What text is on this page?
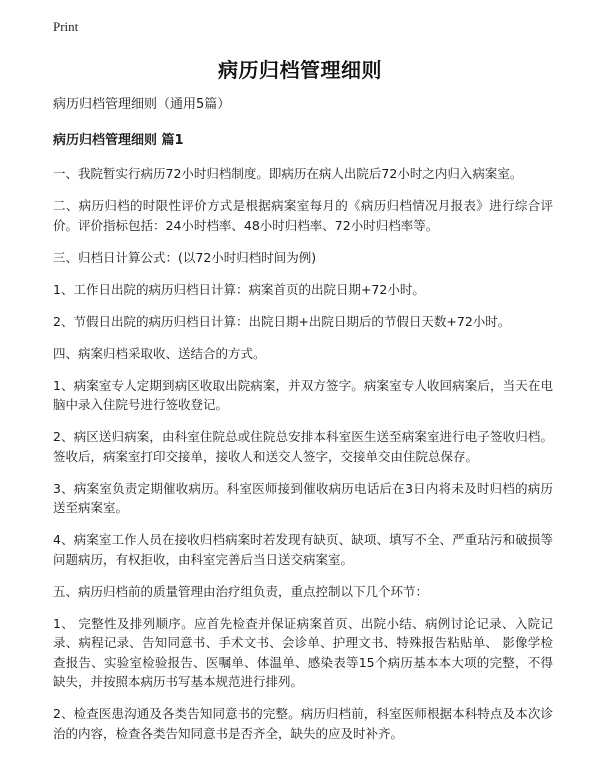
Print
病历归档管理细则
病历归档管理细则（通用5篇）
病历归档管理细则 篇1

一、我院暂实行病历72小时归档制度。即病历在病人出院后72小时之内归入病案室。

二、病历归档的时限性评价方式是根据病案室每月的《病历归档情况月报表》进行综合评价。评价指标包括：24小时档率、48小时归档率、72小时归档率等。

三、归档日计算公式：(以72小时归档时间为例)

1、工作日出院的病历归档日计算：病案首页的出院日期+72小时。

2、节假日出院的病历归档日计算：出院日期+出院日期后的节假日天数+72小时。

四、病案归档采取收、送结合的方式。

1、病案室专人定期到病区收取出院病案，并双方签字。病案室专人收回病案后，当天在电脑中录入住院号进行签收登记。

2、病区送归病案，由科室住院总或住院总安排本科室医生送至病案室进行电子签收归档。签收后，病案室打印交接单，接收人和送交人签字，交接单交由住院总保存。

3、病案室负责定期催收病历。科室医师接到催收病历电话后在3日内将未及时归档的病历送至病案室。

4、病案室工作人员在接收归档病案时若发现有缺页、缺项、填写不全、严重玷污和破损等问题病历，有权拒收，由科室完善后当日送交病案室。

五、病历归档前的质量管理由治疗组负责，重点控制以下几个环节：

1、 完整性及排列顺序。应首先检查并保证病案首页、出院小结、病例讨论记录、入院记录、病程记录、告知同意书、手术文书、会诊单、护理文书、特殊报告粘贴单、 影像学检查报告、实验室检验报告、医嘱单、体温单、感染表等15个病历基本本大项的完整，不得缺失，并按照本病历书写基本规范进行排列。

2、检查医患沟通及各类告知同意书的完整。病历归档前，科室医师根据本科特点及本次诊治的内容，检查各类告知同意书是否齐全，缺失的应及时补齐。
